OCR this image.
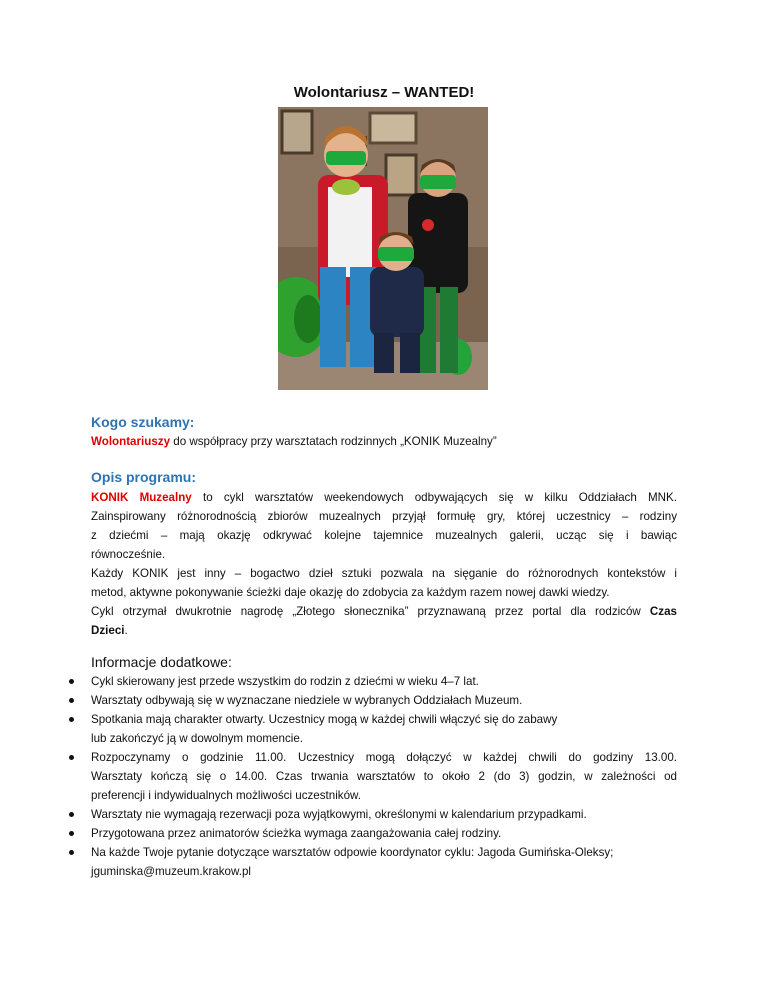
Wolontariusz – WANTED!
Kogo szukamy:
Wolontariuszy do współpracy przy warsztatach rodzinnych „KONIK Muzealny”
Opis programu:
KONIK Muzealny to cykl warsztatów weekendowych odbywających się w kilku Oddziałach MNK.
Zainspirowany różnorodnością zbiorów muzealnych przyjął formułę gry, której uczestnicy – rodziny
z dziećmi – mają okazję odkrywać kolejne tajemnice muzealnych galerii, ucząc się i bawiąc
równocześnie.
Każdy KONIK jest inny – bogactwo dzieł sztuki pozwala na sięganie do różnorodnych kontekstów i
metod, aktywne pokonywanie ścieżki daje okazję do zdobycia za każdym razem nowej dawki wiedzy.
Cykl otrzymał dwukrotnie nagrodę „Złotego słonecznika” przyznawaną przez portal dla rodziców Czas
Dzieci.
Informacje dodatkowe:
Cykl skierowany jest przede wszystkim do rodzin z dziećmi w wieku 4–7 lat.
Warsztaty odbywają się w wyznaczane niedziele w wybranych Oddziałach Muzeum.
Spotkania mają charakter otwarty. Uczestnicy mogą w każdej chwili włączyć się do zabawy
lub zakończyć ją w dowolnym momencie.
Rozpoczynamy o godzinie 11.00. Uczestnicy mogą dołączyć w każdej chwili do godziny 13.00.
Warsztaty kończą się o 14.00. Czas trwania warsztatów to około 2 (do 3) godzin, w zależności od
preferencji i indywidualnych możliwości uczestników.
Warsztaty nie wymagają rezerwacji poza wyjątkowymi, określonymi w kalendarium przypadkami.
Przygotowana przez animatorów ścieżka wymaga zaangażowania całej rodziny.
Na każde Twoje pytanie dotyczące warsztatów odpowie koordynator cyklu: Jagoda Gumińska-Oleksy;
jguminska@muzeum.krakow.pl
